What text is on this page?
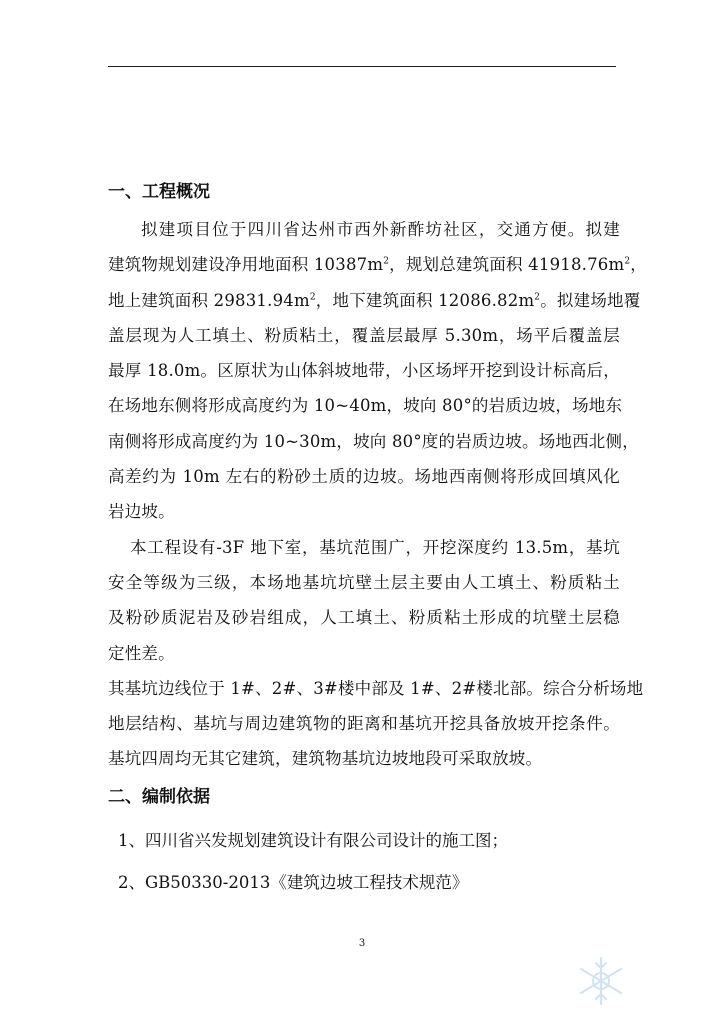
一、工程概况
拟建项目位于四川省达州市西外新酢坊社区，交通方便。拟建
建筑物规划建设净用地面积 $10387m^2$，规划总建筑面积 $41918.76m^2$，
地上建筑面积 $29831.94m^2$，地下建筑面积 $12086.82m^2$。拟建场地覆
盖层现为人工填土、粉质粘土，覆盖层最厚 5.30m，场平后覆盖层
最厚 18.0m。区原状为山体斜坡地带，小区场坪开挖到设计标高后，
在场地东侧将形成高度约为 10~40m，坡向 80°的岩质边坡，场地东
南侧将形成高度约为 10~30m，坡向 80°度的岩质边坡。场地西北侧，
高差约为 10m 左右的粉砂土质的边坡。场地西南侧将形成回填风化
岩边坡。
本工程设有-3F 地下室，基坑范围广，开挖深度约 13.5m，基坑
安全等级为三级，本场地基坑坑壁土层主要由人工填土、粉质粘土
及粉砂质泥岩及砂岩组成，人工填土、粉质粘土形成的坑壁土层稳
定性差。
其基坑边线位于 1#、2#、3#楼中部及 1#、2#楼北部。综合分析场地
地层结构、基坑与周边建筑物的距离和基坑开挖具备放坡开挖条件。
基坑四周均无其它建筑，建筑物基坑边坡地段可采取放坡。
二、编制依据
1、四川省兴发规划建筑设计有限公司设计的施工图；
2、GB50330-2013《建筑边坡工程技术规范》
3
